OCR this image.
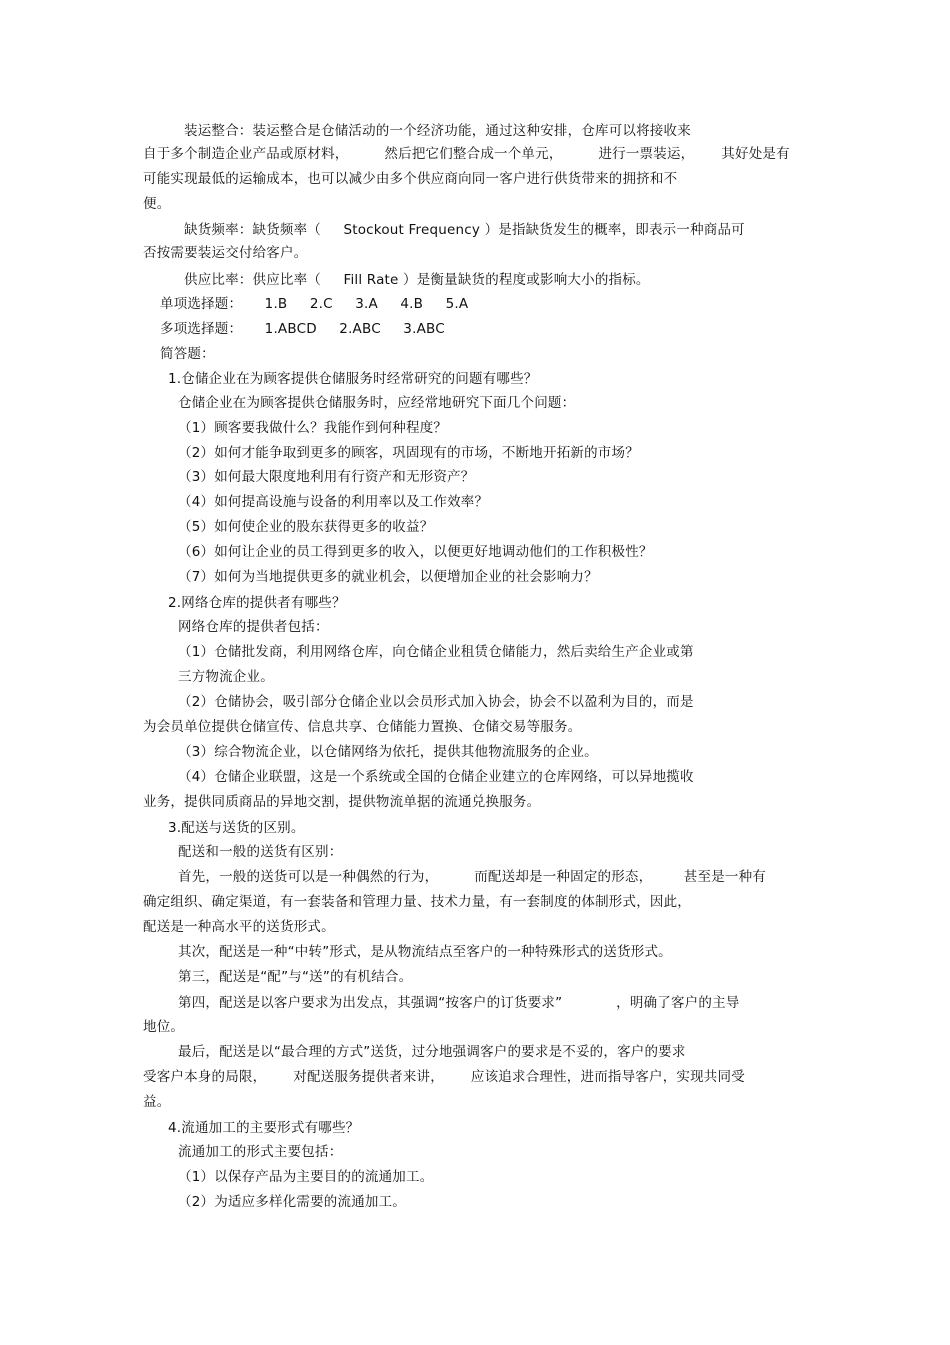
装运整合：装运整合是仓储活动的一个经济功能，通过这种安排，仓库可以将接收来
自于多个制造企业产品或原材料，        然后把它们整合成一个单元，        进行一票装运，      其好处是有
可能实现最低的运输成本，也可以减少由多个供应商向同一客户进行供货带来的拥挤和不
便。
缺货频率：缺货频率（     Stockout Frequency ）是指缺货发生的概率，即表示一种商品可
否按需要装运交付给客户。
供应比率：供应比率（     Fill Rate ）是衡量缺货的程度或影响大小的指标。
单项选择题：     1.B     2.C     3.A     4.B     5.A
多项选择题：     1.ABCD     2.ABC     3.ABC
简答题：
1.仓储企业在为顾客提供仓储服务时经常研究的问题有哪些？
仓储企业在为顾客提供仓储服务时，应经常地研究下面几个问题：
（1）顾客要我做什么？我能作到何种程度？
（2）如何才能争取到更多的顾客，巩固现有的市场，不断地开拓新的市场？
（3）如何最大限度地利用有行资产和无形资产？
（4）如何提高设施与设备的利用率以及工作效率？
（5）如何使企业的股东获得更多的收益？
（6）如何让企业的员工得到更多的收入，以便更好地调动他们的工作积极性？
（7）如何为当地提供更多的就业机会，以便增加企业的社会影响力？
2.网络仓库的提供者有哪些？
网络仓库的提供者包括：
（1）仓储批发商，利用网络仓库，向仓储企业租赁仓储能力，然后卖给生产企业或第
三方物流企业。
（2）仓储协会，吸引部分仓储企业以会员形式加入协会，协会不以盈利为目的，而是
为会员单位提供仓储宣传、信息共享、仓储能力置换、仓储交易等服务。
（3）综合物流企业，以仓储网络为依托，提供其他物流服务的企业。
（4）仓储企业联盟，这是一个系统或全国的仓储企业建立的仓库网络，可以异地揽收
业务，提供同质商品的异地交割，提供物流单据的流通兑换服务。
3.配送与送货的区别。
配送和一般的送货有区别：
首先，一般的送货可以是一种偶然的行为，        而配送却是一种固定的形态，       甚至是一种有
确定组织、确定渠道，有一套装备和管理力量、技术力量，有一套制度的体制形式，因此，
配送是一种高水平的送货形式。
其次，配送是一种“中转”形式，是从物流结点至客户的一种特殊形式的送货形式。
第三，配送是“配”与“送”的有机结合。
第四，配送是以客户要求为出发点，其强调“按客户的订货要求”            ，明确了客户的主导
地位。
最后，配送是以“最合理的方式”送货，过分地强调客户的要求是不妥的，客户的要求
受客户本身的局限，      对配送服务提供者来讲，      应该追求合理性，进而指导客户，实现共同受
益。
4.流通加工的主要形式有哪些？
流通加工的形式主要包括：
（1）以保存产品为主要目的的流通加工。
（2）为适应多样化需要的流通加工。
